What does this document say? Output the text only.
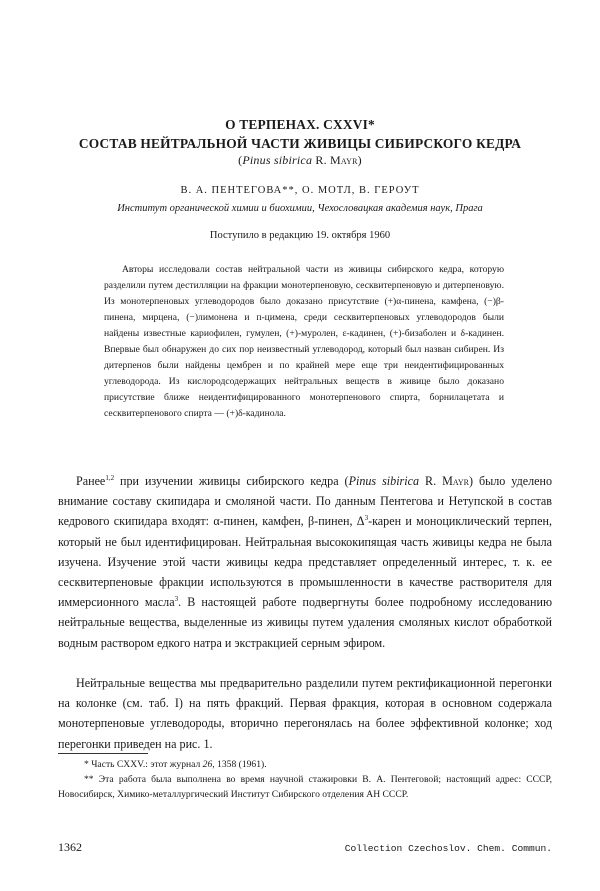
О ТЕРПЕНАХ. CXXVI*
СОСТАВ НЕЙТРАЛЬНОЙ ЧАСТИ ЖИВИЦЫ СИБИРСКОГО КЕДРА
(Pinus sibirica R. Mayr)
В. А. ПЕНТЕГОВА**, О. МОТЛ, В. ГЕРОУТ
Институт органической химии и биохимии, Чехословацкая академия наук, Прага
Поступило в редакцию 19. октября 1960

Авторы исследовали состав нейтральной части из живицы сибирского кедра, которую разделили путем дестилляции на фракции монотерпеновую, сесквитерпеновую и дитерпеновую. Из монотерпеновых углеводородов было доказано присутствие (+)α-пинена, камфена, (−)β-пинена, мирцена, (−)лимонена и п-цимена, среди сесквитерпеновых углеводородов были найдены известные кариофилен, гумулен, (+)-муролен, ε-кадинен, (+)-бизаболен и δ-кадинен. Впервые был обнаружен до сих пор неизвестный углеводород, который был назван сибирен. Из дитерпенов были найдены цембрен и по крайней мере еще три неидентифицированных углеводорода. Из кислородсодержащих нейтральных веществ в живице было доказано присутствие ближе неидентифицированного монотерпенового спирта, борнилацетата и сесквитерпенового спирта — (+)δ-кадинола.

Ранее$^{1,2}$ при изучении живицы сибирского кедра (Pinus sibirica R. Mayr) было уделено внимание составу скипидара и смоляной части. По данным Пентегова и Нетупской в состав кедрового скипидара входят: α-пинен, камфен, β-пинен, $\Delta^3$-карен и моноциклический терпен, который не был идентифицирован. Нейтральная высококипящая часть живицы кедра не была изучена. Изучение этой части живицы кедра представляет определенный интерес, т. к. ее сесквитерпеновые фракции используются в промышленности в качестве растворителя для иммерсионного масла$^3$. В настоящей работе подвергнуты более подробному исследованию нейтральные вещества, выделенные из живицы путем удаления смоляных кислот обработкой водным раствором едкого натра и экстракцией серным эфиром.

Нейтральные вещества мы предварительно разделили путем ректификационной перегонки на колонке (см. таб. I) на пять фракций. Первая фракция, которая в основном содержала монотерпеновые углеводороды, вторично перегонялась на более эффективной колонке; ход перегонки приведен на рис. 1.

* Часть CXXV.: этот журнал 26, 1358 (1961).

** Эта работа была выполнена во время научной стажировки В. А. Пентеговой; настоящий адрес: СССР, Новосибирск, Химико-металлургический Институт Сибирского отделения АН СССР.

1362	Collection Czechoslov. Chem. Commun.
